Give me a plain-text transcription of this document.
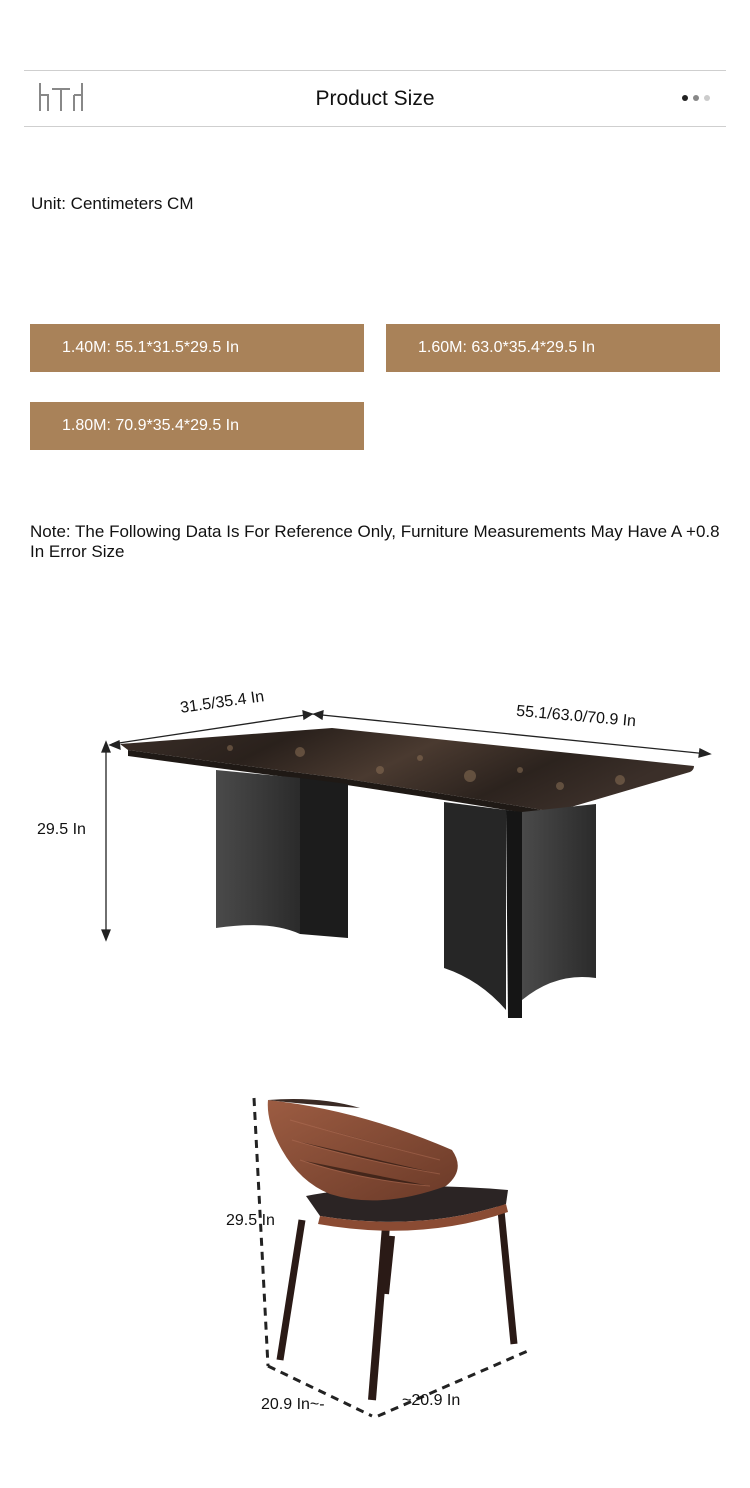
Product Size
Unit: Centimeters CM
1.40M: 55.1*31.5*29.5 In	1.60M: 63.0*35.4*29.5 In
1.80M: 70.9*35.4*29.5 In
Note: The Following Data Is For Reference Only, Furniture Measurements May Have A +0.8 In Error Size
31.5/35.4 In	55.1/63.0/70.9 In
29.5 In
29.5 In
20.9 In~-	~20.9 In
